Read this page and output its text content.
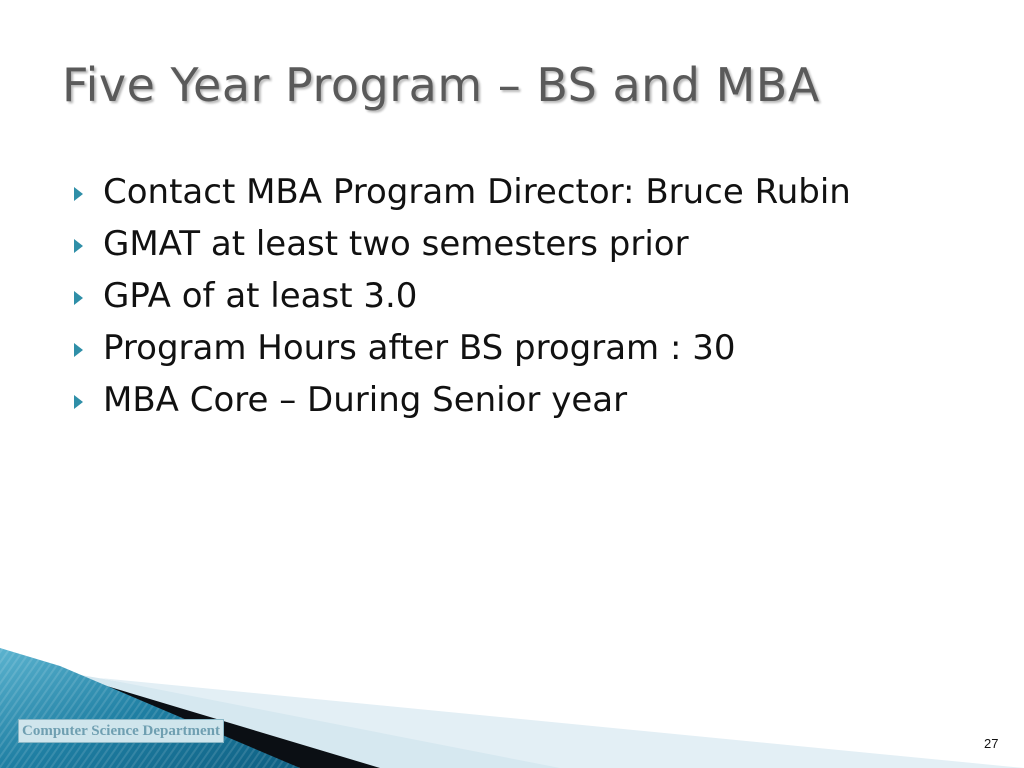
Five Year Program – BS and MBA
Contact MBA Program Director: Bruce Rubin
GMAT at least two semesters prior
GPA of at least 3.0
Program Hours after BS program : 30
MBA Core – During Senior year
Computer Science Department
27
